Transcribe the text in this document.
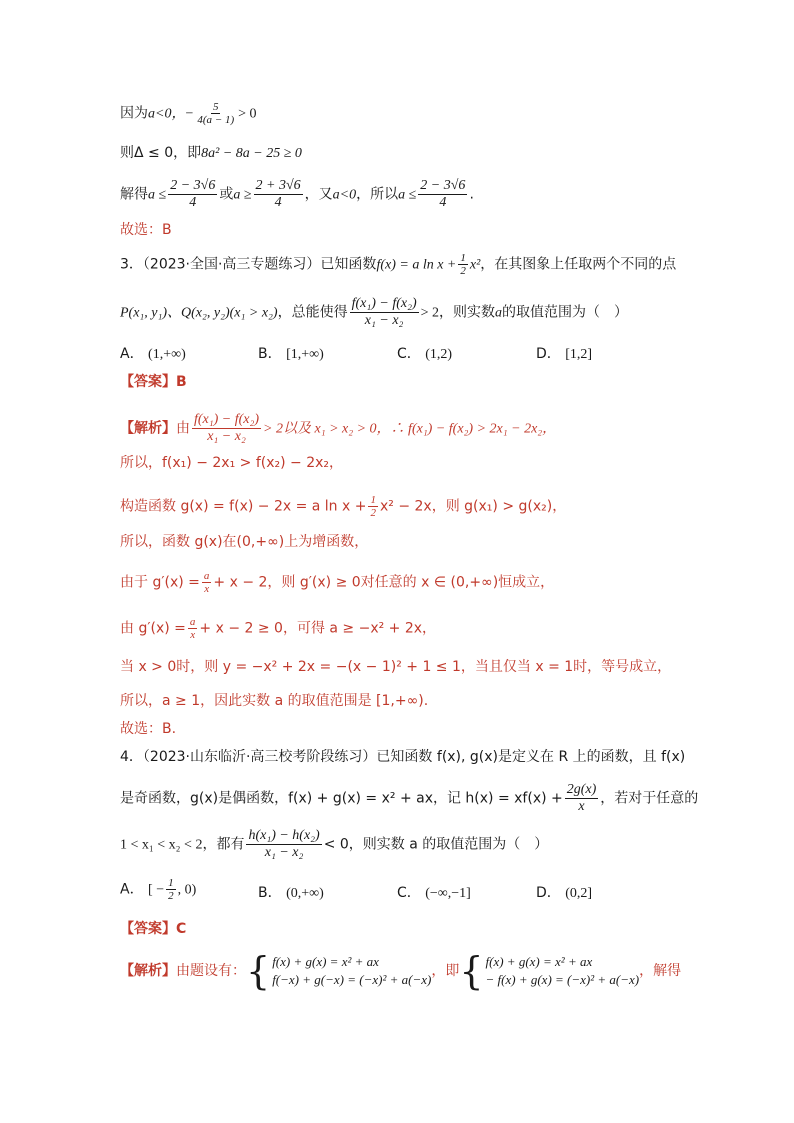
因为a<0，− $\frac{5}{4(a - 1)} > 0$
则Δ ≤ 0，即8a² − 8a − 25 ≥ 0
解得$a \le \frac{2 - 3√6}{4}$ 或$a \ge \frac{2 + 3√6}{4}$ ，又a<0，所以$a \le \frac{2 - 3√6}{4}$ .
故选：B
3．（2023·全国·高三专题练习）已知函数f(x) = a $\ln x + \frac{1}{2} x^2$，在其图象上任取两个不同的点
P(x₁, y₁)、Q(x₂, y₂)(x₁ > x₂)，总能使得 $\frac{\text{f(x₁) − f(x₂)}}{\text{x₁ − x₂}} > 2$，则实数a的取值范围为（　）
A． (1,+∞)	B． [1,+∞)	C． (1,2)	D． [1,2]
【答案】B
【解析】由 $\frac{\text{f(x₁) − f(x₂)}}{\text{x₁ − x₂}} > 2$以及 x₁ > x₂ > 0，∴ f(x₁) − f(x₂) > 2x₁ − 2x₂，
所以，f(x₁) − 2x₁ > f(x₂) − 2x₂，
构造函数 g(x) = f(x) − 2x = a $\ln x + \frac{1}{2} x^2 - 2x$，则 g(x₁) > g(x₂)，
所以，函数 g(x)在(0,+∞)上为增函数，
由于 $g'(x) = \frac{a}{x} + x - 2$，则 g′(x) ≥ 0对任意的 x ∈ (0,+∞)恒成立，
由 $g'(x) = \frac{a}{x} + x - 2 \ge 0$，可得 a ≥ −x² + 2x，
当 x > 0时，则 y = −x² + 2x = −(x − 1)² + 1 ≤ 1，当且仅当 x = 1时，等号成立，
所以，a ≥ 1，因此实数 a 的取值范围是 [1,+∞).
故选：B.
4．（2023·山东临沂·高三校考阶段练习）已知函数 f(x), g(x)是定义在 R 上的函数，且 f(x)
是奇函数，g(x)是偶函数，f(x) + g(x) = x² + ax，记 $h(x) = xf(x) + \frac{2g(x)}{x}$ ，若对于任意的
1 < x₁ < x₂ < 2，都有 $\frac{\text{h(x₁) − h(x₂)}}{\text{x₁ − x₂}} < 0$，则实数 a 的取值范围为（　）
A． [ − $\frac{1}{2}$ , 0)	B． (0,+∞)	C． (−∞,−1]	D． (0,2]
【答案】C
【解析】由题设有： { f(x) + g(x) = x² + ax
f(−x) + g(−x) = (−x)² + a(−x)
，即 { f(x) + g(x) = x² + ax
− f(x) + g(x) = (−x)² + a(−x)
，解得
